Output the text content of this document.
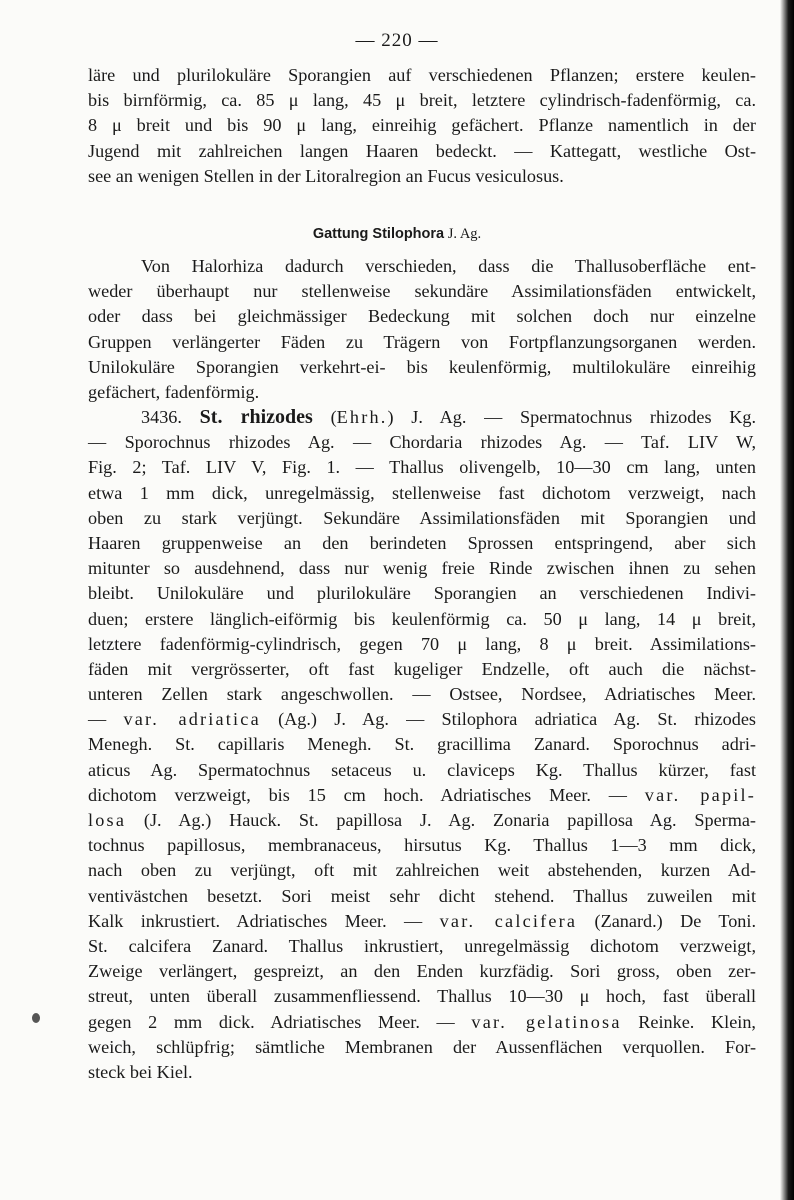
— 220 —
läre und plurilokuläre Sporangien auf verschiedenen Pflanzen; erstere keulen-
bis birnförmig, ca. 85 μ lang, 45 μ breit, letztere cylindrisch-fadenförmig, ca.
8 μ breit und bis 90 μ lang, einreihig gefächert. Pflanze namentlich in der
Jugend mit zahlreichen langen Haaren bedeckt. — Kattegatt, westliche Ost-
see an wenigen Stellen in der Litoralregion an Fucus vesiculosus.
Gattung Stilophora J. Ag.
Von Halorhiza dadurch verschieden, dass die Thallusoberfläche ent-
weder überhaupt nur stellenweise sekundäre Assimilationsfäden entwickelt,
oder dass bei gleichmässiger Bedeckung mit solchen doch nur einzelne
Gruppen verlängerter Fäden zu Trägern von Fortpflanzungsorganen werden.
Unilokuläre Sporangien verkehrt-ei- bis keulenförmig, multilokuläre einreihig
gefächert, fadenförmig.
3436. St. rhizodes (Ehrh.) J. Ag. — Spermatochnus rhizodes Kg.
— Sporochnus rhizodes Ag. — Chordaria rhizodes Ag. — Taf. LIV W,
Fig. 2; Taf. LIV V, Fig. 1. — Thallus olivengelb, 10—30 cm lang, unten
etwa 1 mm dick, unregelmässig, stellenweise fast dichotom verzweigt, nach
oben zu stark verjüngt. Sekundäre Assimilationsfäden mit Sporangien und
Haaren gruppenweise an den berindeten Sprossen entspringend, aber sich
mitunter so ausdehnend, dass nur wenig freie Rinde zwischen ihnen zu sehen
bleibt. Unilokuläre und plurilokuläre Sporangien an verschiedenen Indivi-
duen; erstere länglich-eiförmig bis keulenförmig ca. 50 μ lang, 14 μ breit,
letztere fadenförmig-cylindrisch, gegen 70 μ lang, 8 μ breit. Assimilations-
fäden mit vergrösserter, oft fast kugeliger Endzelle, oft auch die nächst-
unteren Zellen stark angeschwollen. — Ostsee, Nordsee, Adriatisches Meer.
— var. adriatica (Ag.) J. Ag. — Stilophora adriatica Ag. St. rhizodes
Menegh. St. capillaris Menegh. St. gracillima Zanard. Sporochnus adri-
aticus Ag. Spermatochnus setaceus u. claviceps Kg. Thallus kürzer, fast
dichotom verzweigt, bis 15 cm hoch. Adriatisches Meer. — var. papil-
losa (J. Ag.) Hauck. St. papillosa J. Ag. Zonaria papillosa Ag. Sperma-
tochnus papillosus, membranaceus, hirsutus Kg. Thallus 1—3 mm dick,
nach oben zu verjüngt, oft mit zahlreichen weit abstehenden, kurzen Ad-
ventivästchen besetzt. Sori meist sehr dicht stehend. Thallus zuweilen mit
Kalk inkrustiert. Adriatisches Meer. — var. calcifera (Zanard.) De Toni.
St. calcifera Zanard. Thallus inkrustiert, unregelmässig dichotom verzweigt,
Zweige verlängert, gespreizt, an den Enden kurzfädig. Sori gross, oben zer-
streut, unten überall zusammenfliessend. Thallus 10—30 μ hoch, fast überall
gegen 2 mm dick. Adriatisches Meer. — var. gelatinosa Reinke. Klein,
weich, schlüpfrig; sämtliche Membranen der Aussenflächen verquollen. For-
steck bei Kiel.
